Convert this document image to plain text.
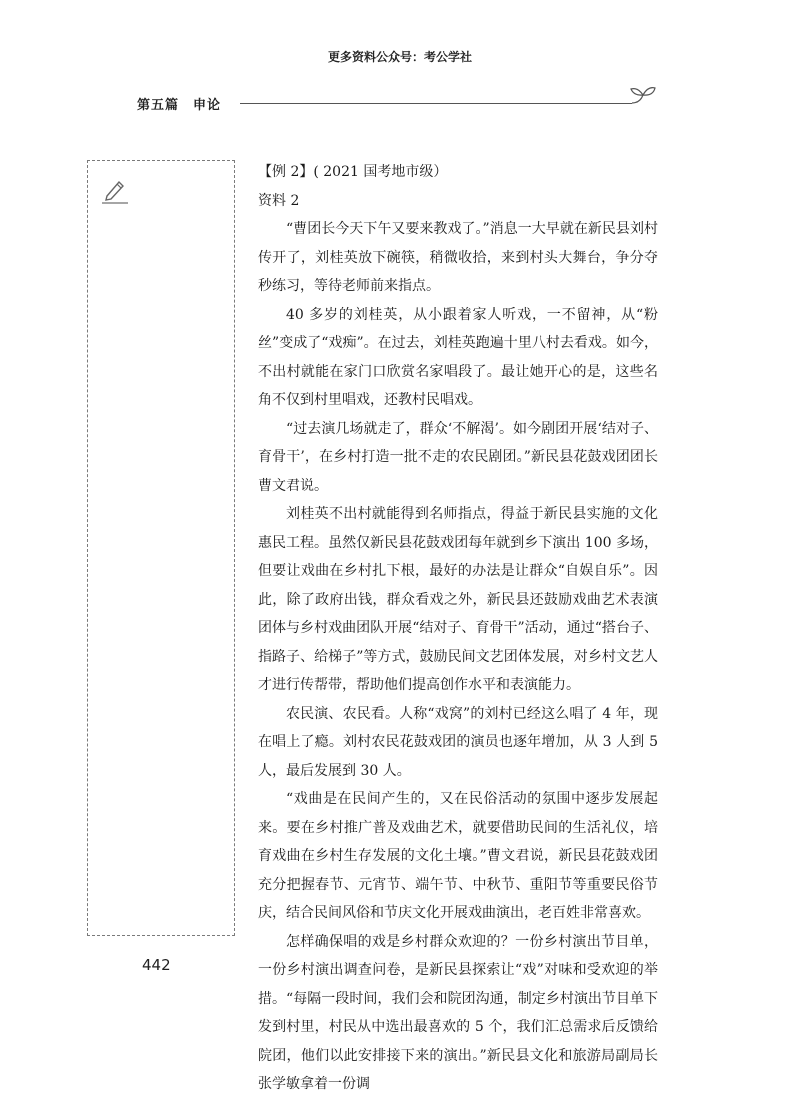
更多资料公众号：考公学社
第五篇　申论

【例 2】( 2021 国考地市级）

资料 2

“曹团长今天下午又要来教戏了。”消息一大早就在新民县刘村传开了，刘桂英放下碗筷，稍微收拾，来到村头大舞台，争分夺秒练习，等待老师前来指点。

40 多岁的刘桂英，从小跟着家人听戏，一不留神，从“粉丝”变成了“戏痴”。在过去，刘桂英跑遍十里八村去看戏。如今，不出村就能在家门口欣赏名家唱段了。最让她开心的是，这些名角不仅到村里唱戏，还教村民唱戏。

“过去演几场就走了，群众‘不解渴’。如今剧团开展‘结对子、育骨干’，在乡村打造一批不走的农民剧团。”新民县花鼓戏团团长曹文君说。

刘桂英不出村就能得到名师指点，得益于新民县实施的文化惠民工程。虽然仅新民县花鼓戏团每年就到乡下演出 100 多场，但要让戏曲在乡村扎下根，最好的办法是让群众“自娱自乐”。因此，除了政府出钱，群众看戏之外，新民县还鼓励戏曲艺术表演团体与乡村戏曲团队开展“结对子、育骨干”活动，通过“搭台子、指路子、给梯子”等方式，鼓励民间文艺团体发展，对乡村文艺人才进行传帮带，帮助他们提高创作水平和表演能力。

农民演、农民看。人称“戏窝”的刘村已经这么唱了 4 年，现在唱上了瘾。刘村农民花鼓戏团的演员也逐年增加，从 3 人到 5 人，最后发展到 30 人。

“戏曲是在民间产生的，又在民俗活动的氛围中逐步发展起来。要在乡村推广普及戏曲艺术，就要借助民间的生活礼仪，培育戏曲在乡村生存发展的文化土壤。”曹文君说，新民县花鼓戏团充分把握春节、元宵节、端午节、中秋节、重阳节等重要民俗节庆，结合民间风俗和节庆文化开展戏曲演出，老百姓非常喜欢。

怎样确保唱的戏是乡村群众欢迎的？一份乡村演出节目单，一份乡村演出调查问卷，是新民县探索让“戏”对味和受欢迎的举措。“每隔一段时间，我们会和院团沟通，制定乡村演出节目单下发到村里，村民从中选出最喜欢的 5 个，我们汇总需求后反馈给院团，他们以此安排接下来的演出。”新民县文化和旅游局副局长张学敏拿着一份调

442
